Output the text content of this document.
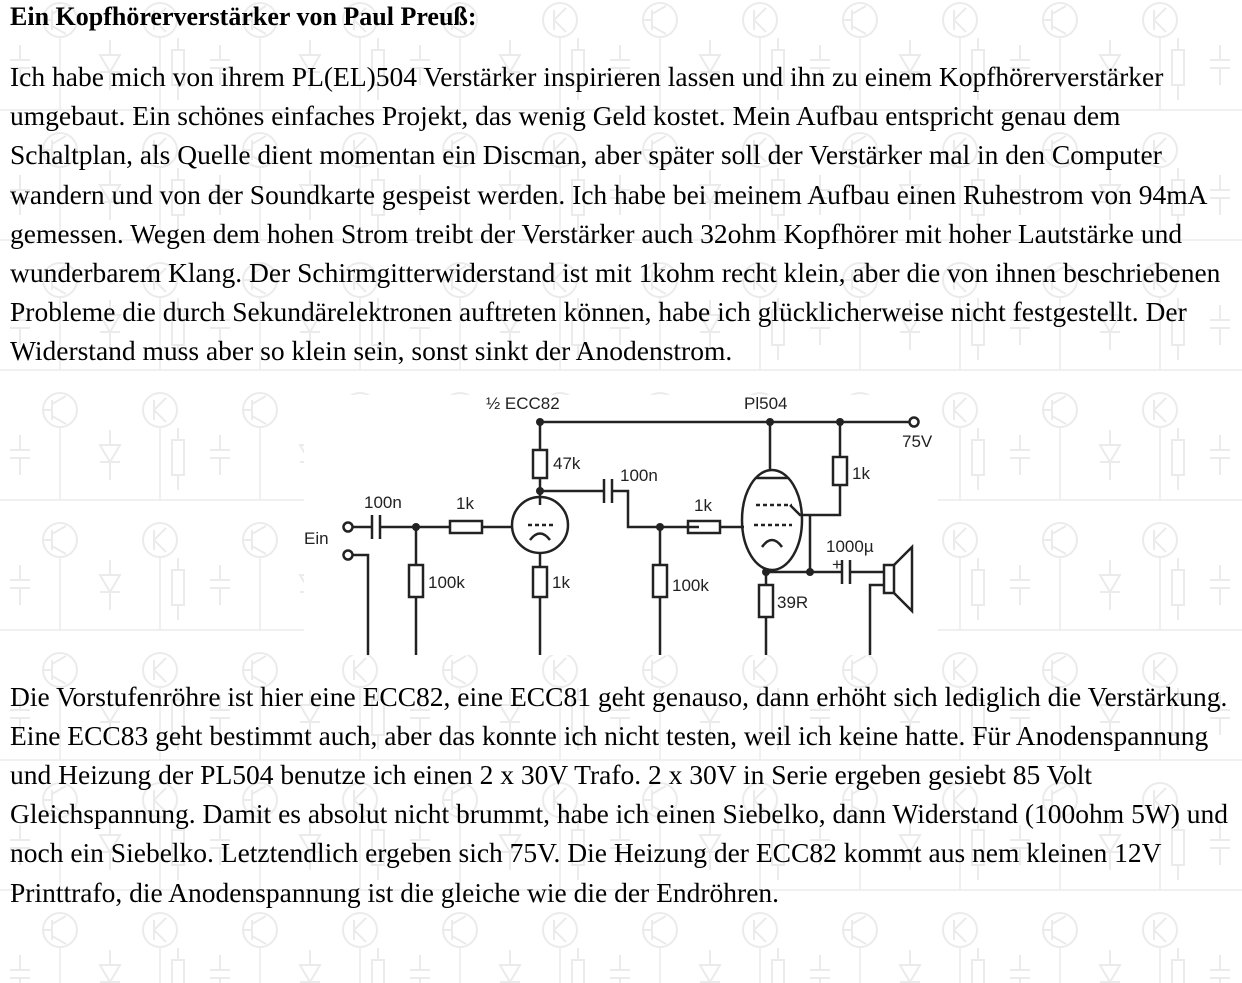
Ein Kopfhörerverstärker von Paul Preuß:

Ich habe mich von ihrem PL(EL)504 Verstärker inspirieren lassen und ihn zu einem Kopfhörerverstärker umgebaut. Ein schönes einfaches Projekt, das wenig Geld kostet. Mein Aufbau entspricht genau dem Schaltplan, als Quelle dient momentan ein Discman, aber später soll der Verstärker mal in den Computer wandern und von der Soundkarte gespeist werden. Ich habe bei meinem Aufbau einen Ruhestrom von 94mA gemessen. Wegen dem hohen Strom treibt der Verstärker auch 32ohm Kopfhörer mit hoher Lautstärke und wunderbarem Klang. Der Schirmgitterwiderstand ist mit 1kohm recht klein, aber die von ihnen beschriebenen Probleme die durch Sekundärelektronen auftreten können, habe ich glücklicherweise nicht festgestellt. Der Widerstand muss aber so klein sein, sonst sinkt der Anodenstrom.

½ ECC82	Pl504
75V
Ein
100n	1k
100k
47k
1k
100n
1k
100k
1k
39R
1000µ
+

Die Vorstufenröhre ist hier eine ECC82, eine ECC81 geht genauso, dann erhöht sich lediglich die Verstärkung. Eine ECC83 geht bestimmt auch, aber das konnte ich nicht testen, weil ich keine hatte. Für Anodenspannung und Heizung der PL504 benutze ich einen 2 x 30V Trafo. 2 x 30V in Serie ergeben gesiebt 85 Volt Gleichspannung. Damit es absolut nicht brummt, habe ich einen Siebelko, dann Widerstand (100ohm 5W) und noch ein Siebelko. Letztendlich ergeben sich 75V. Die Heizung der ECC82 kommt aus nem kleinen 12V Printtrafo, die Anodenspannung ist die gleiche wie die der Endröhren.
